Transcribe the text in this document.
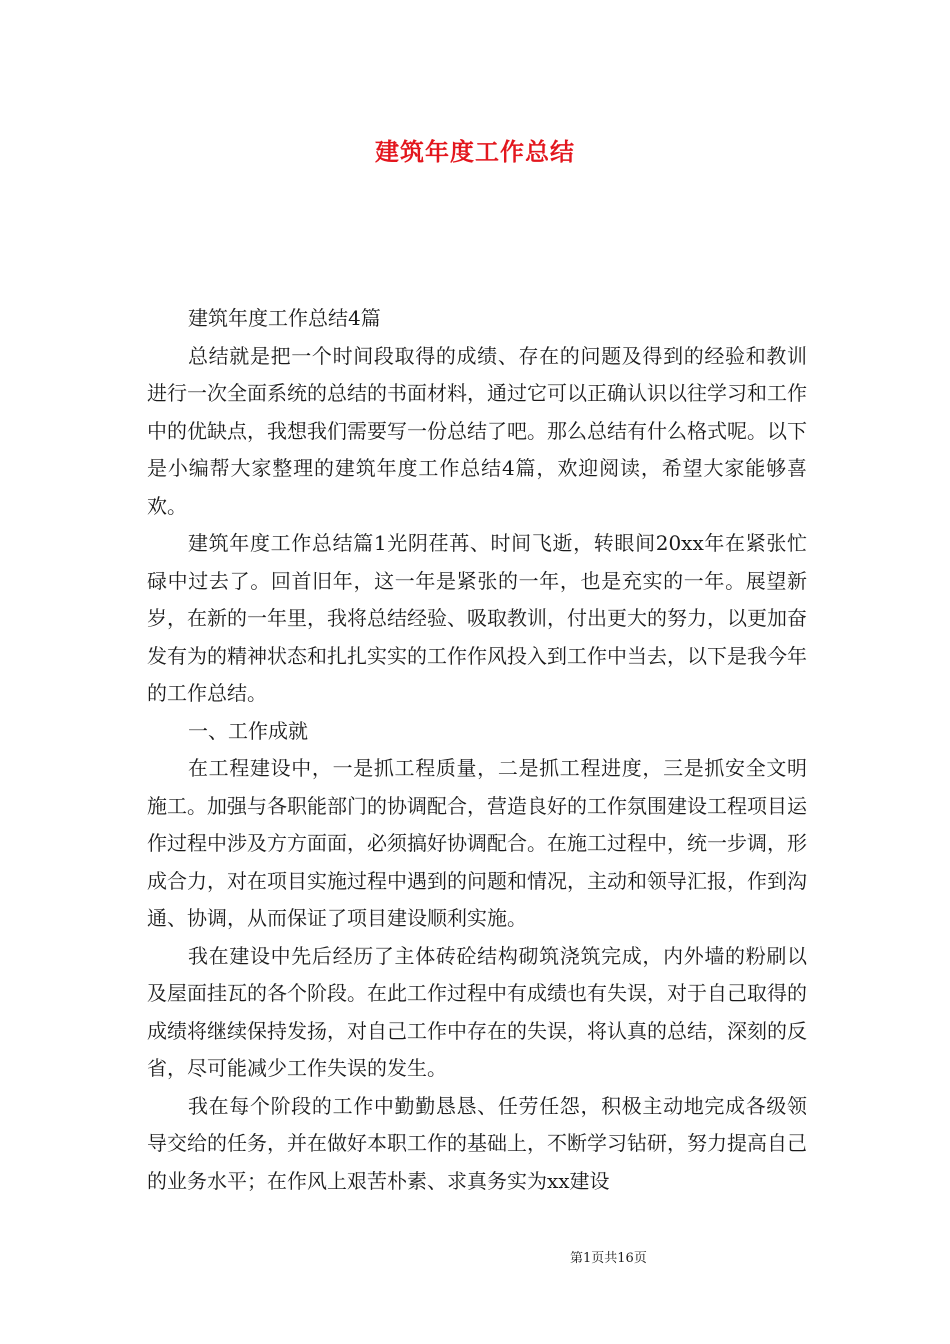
建筑年度工作总结

建筑年度工作总结4篇

总结就是把一个时间段取得的成绩、存在的问题及得到的经验和教训进行一次全面系统的总结的书面材料，通过它可以正确认识以往学习和工作中的优缺点，我想我们需要写一份总结了吧。那么总结有什么格式呢。以下是小编帮大家整理的建筑年度工作总结4篇，欢迎阅读，希望大家能够喜欢。

建筑年度工作总结篇1光阴荏苒、时间飞逝，转眼间20xx年在紧张忙碌中过去了。回首旧年，这一年是紧张的一年，也是充实的一年。展望新岁，在新的一年里，我将总结经验、吸取教训，付出更大的努力，以更加奋发有为的精神状态和扎扎实实的工作作风投入到工作中当去，以下是我今年的工作总结。

一、工作成就

在工程建设中，一是抓工程质量，二是抓工程进度，三是抓安全文明施工。加强与各职能部门的协调配合，营造良好的工作氛围建设工程项目运作过程中涉及方方面面，必须搞好协调配合。在施工过程中，统一步调，形成合力，对在项目实施过程中遇到的问题和情况，主动和领导汇报，作到沟通、协调，从而保证了项目建设顺利实施。

我在建设中先后经历了主体砖砼结构砌筑浇筑完成，内外墙的粉刷以及屋面挂瓦的各个阶段。在此工作过程中有成绩也有失误，对于自己取得的成绩将继续保持发扬，对自己工作中存在的失误，将认真的总结，深刻的反省，尽可能减少工作失误的发生。

我在每个阶段的工作中勤勤恳恳、任劳任怨，积极主动地完成各级领导交给的任务，并在做好本职工作的基础上，不断学习钻研，努力提高自己的业务水平；在作风上艰苦朴素、求真务实为xx建设

第1页共16页
